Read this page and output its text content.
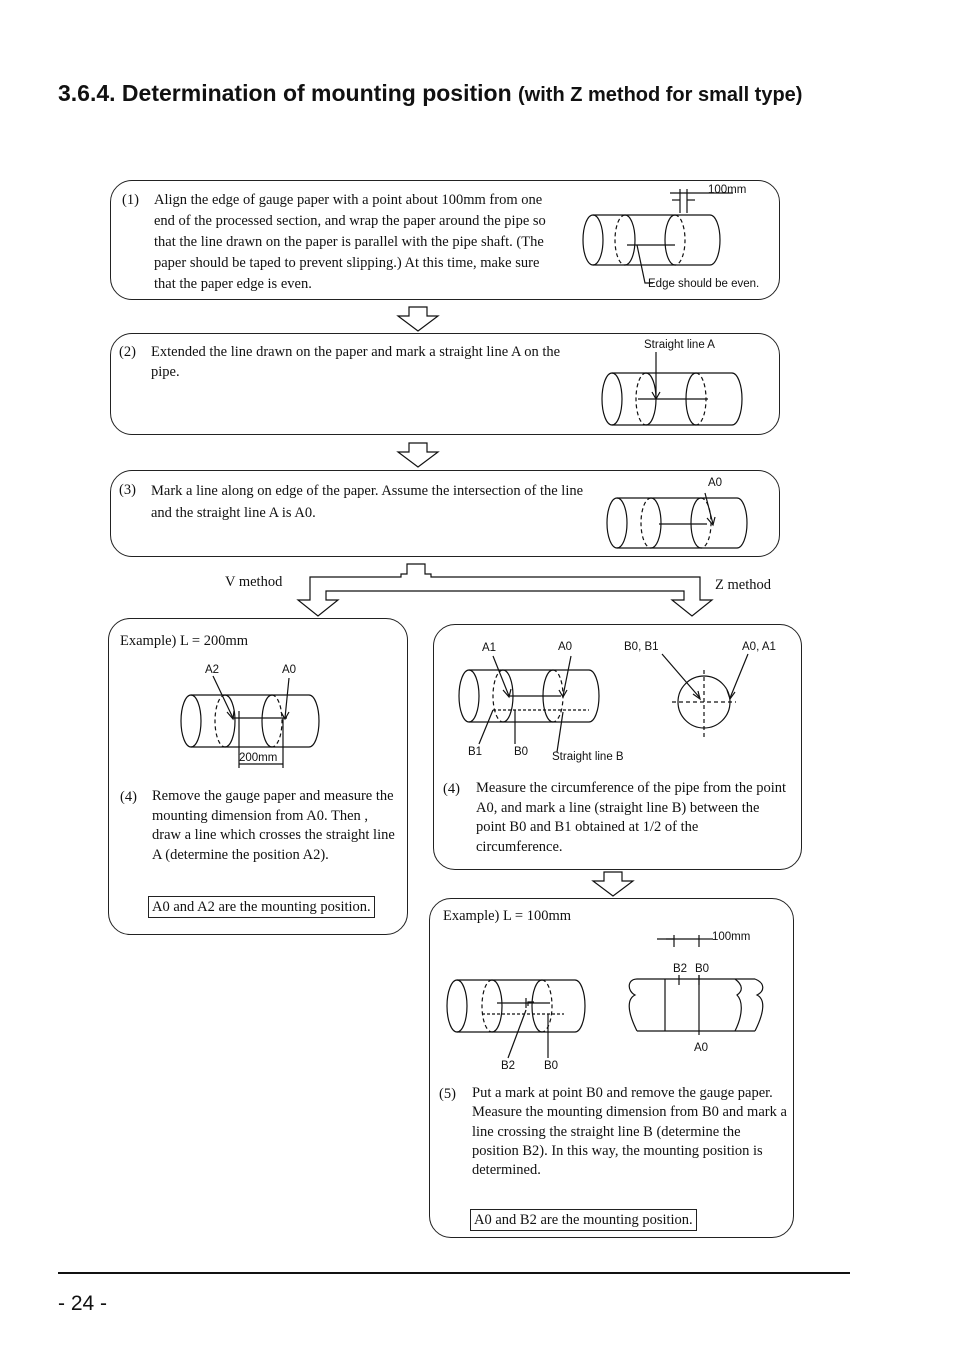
3.6.4. Determination of mounting position (with Z method for small type)
(1) Align the edge of gauge paper with a point about 100mm from one end of the processed section, and wrap the paper around the pipe so that the line drawn on the paper is parallel with the pipe shaft. (The paper should be taped to prevent slipping.) At this time, make sure that the paper edge is even.
100mm
Edge should be even.
(2) Extended the line drawn on the paper and mark a straight line A on the pipe.
Straight line A
(3) Mark a line along on edge of the paper. Assume the intersection of the line and the straight line A is A0.
A0
V method	Z method
Example) L = 200mm
A2	A0
200mm
(4) Remove the gauge paper and measure the mounting dimension from A0. Then , draw a line which crosses the straight line A (determine the position A2).
A0 and A2 are the mounting position.
A1	A0	B0, B1	A0, A1
B1	B0 Straight line B
(4) Measure the circumference of the pipe from the point A0, and mark a line (straight line B) between the point B0 and B1 obtained at 1/2 of the circumference.
Example) L = 100mm
100mm
B2 B0
A0
B2	B0
(5) Put a mark at point B0 and remove the gauge paper. Measure the mounting dimension from B0 and mark a line crossing the straight line B (determine the position B2). In this way, the mounting position is determined.
A0 and B2 are the mounting position.
- 24 -
